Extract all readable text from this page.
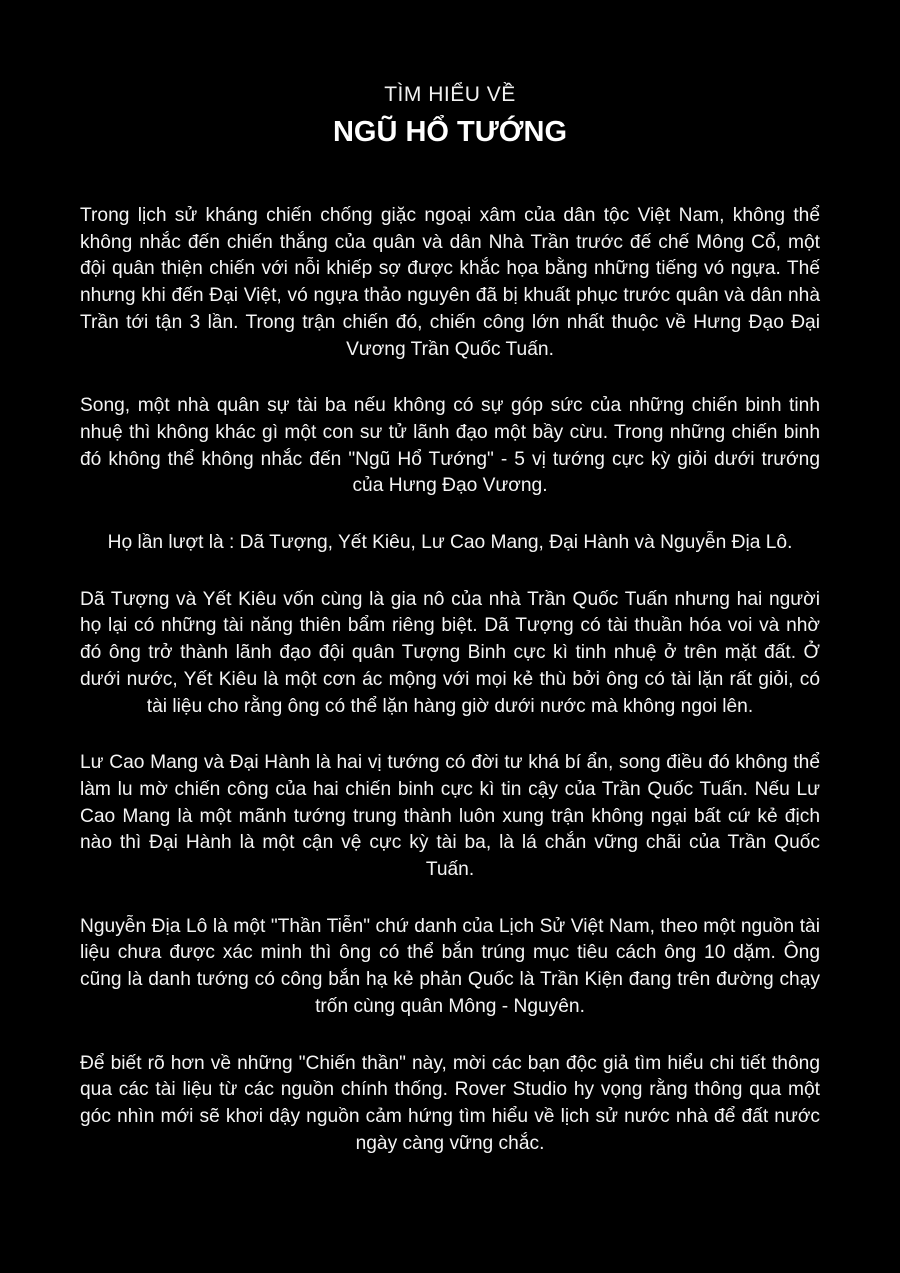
TÌM HIỂU VỀ
NGŨ HỔ TƯỚNG

Trong lịch sử kháng chiến chống giặc ngoại xâm của dân tộc Việt Nam, không thể không nhắc đến chiến thắng của quân và dân Nhà Trần trước đế chế Mông Cổ, một đội quân thiện chiến với nỗi khiếp sợ được khắc họa bằng những tiếng vó ngựa. Thế nhưng khi đến Đại Việt, vó ngựa thảo nguyên đã bị khuất phục trước quân và dân nhà Trần tới tận 3 lần. Trong trận chiến đó, chiến công lớn nhất thuộc về Hưng Đạo Đại Vương Trần Quốc Tuấn.

Song, một nhà quân sự tài ba nếu không có sự góp sức của những chiến binh tinh nhuệ thì không khác gì một con sư tử lãnh đạo một bầy cừu. Trong những chiến binh đó không thể không nhắc đến "Ngũ Hổ Tướng" - 5 vị tướng cực kỳ giỏi dưới trướng của Hưng Đạo Vương.

Họ lần lượt là : Dã Tượng, Yết Kiêu, Lư Cao Mang, Đại Hành và Nguyễn Địa Lô.

Dã Tượng và Yết Kiêu vốn cùng là gia nô của nhà Trần Quốc Tuấn nhưng hai người họ lại có những tài năng thiên bẩm riêng biệt. Dã Tượng có tài thuần hóa voi và nhờ đó ông trở thành lãnh đạo đội quân Tượng Binh cực kì tinh nhuệ ở trên mặt đất. Ở dưới nước, Yết Kiêu là một cơn ác mộng với mọi kẻ thù bởi ông có tài lặn rất giỏi, có tài liệu cho rằng ông có thể lặn hàng giờ dưới nước mà không ngoi lên.

Lư Cao Mang và Đại Hành là hai vị tướng có đời tư khá bí ẩn, song điều đó không thể làm lu mờ chiến công của hai chiến binh cực kì tin cậy của Trần Quốc Tuấn. Nếu Lư Cao Mang là một mãnh tướng trung thành luôn xung trận không ngại bất cứ kẻ địch nào thì Đại Hành là một cận vệ cực kỳ tài ba, là lá chắn vững chãi của Trần Quốc Tuấn.

Nguyễn Địa Lô là một "Thần Tiễn" chứ danh của Lịch Sử Việt Nam, theo một nguồn tài liệu chưa được xác minh thì ông có thể bắn trúng mục tiêu cách ông 10 dặm. Ông cũng là danh tướng có công bắn hạ kẻ phản Quốc là Trần Kiện đang trên đường chạy trốn cùng quân Mông - Nguyên.

Để biết rõ hơn về những "Chiến thần" này, mời các bạn độc giả tìm hiểu chi tiết thông qua các tài liệu từ các nguồn chính thống. Rover Studio hy vọng rằng thông qua một góc nhìn mới sẽ khơi dậy nguồn cảm hứng tìm hiểu về lịch sử nước nhà để đất nước ngày càng vững chắc.
